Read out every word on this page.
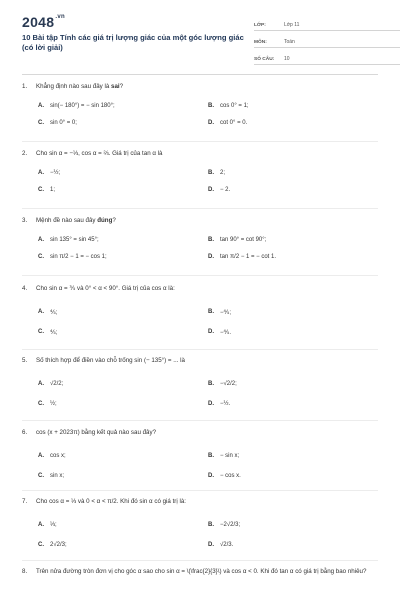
$2048^{.vn}$
10 Bài tập Tính các giá trị lượng giác của một góc lượng giác (có lời giải)
LỚP:	Lớp 11
MÔN:	Toán
SỐ CÂU:	10
1.	Khẳng định nào sau đây là sai?
A.	sin(− 180°) = − sin 180°;	B.	cos 0° = 1;
C.	sin 0° = 0;	D.	cot 0° = 0.
2.	Cho sin α = −⅓, cos α = ⅔. Giá trị của tan α là
A.	−½;	B.	2;
C.	1;	D.	− 2.
3.	Mệnh đề nào sau đây đúng?
A.	sin 135° = sin 45°;	B.	tan 90° = cot 90°;
C.	sin π/2 − 1 = − cos 1;	D.	tan π/2 − 1 = − cot 1.
4.	Cho sin α = ⅗ và 0° < α < 90°. Giá trị của cos α là:
A.	⅘;	B.	−⅘;
C.	⅘;	D.	−⅘.
5.	Số thích hợp để điền vào chỗ trống sin (− 135°) = ... là
A.	√2/2;	B.	−√2/2;
C.	½;	D.	−½.
6.	cos (x + 2023π) bằng kết quả nào sau đây?
A.	cos x;	B.	− sin x;
C.	sin x;	D.	− cos x.
7.	Cho cos α = ⅓ và 0 < α < π/2. Khi đó sin α có giá trị là:
A.	⅓;	B.	−2√2/3;
C.	2√2/3;	D.	√2/3.
8.	Trên nửa đường tròn đơn vị cho góc α sao cho sin α = \(\frac{2}{3}\) và cos α < 0. Khi đó tan α có giá trị bằng bao nhiêu?
